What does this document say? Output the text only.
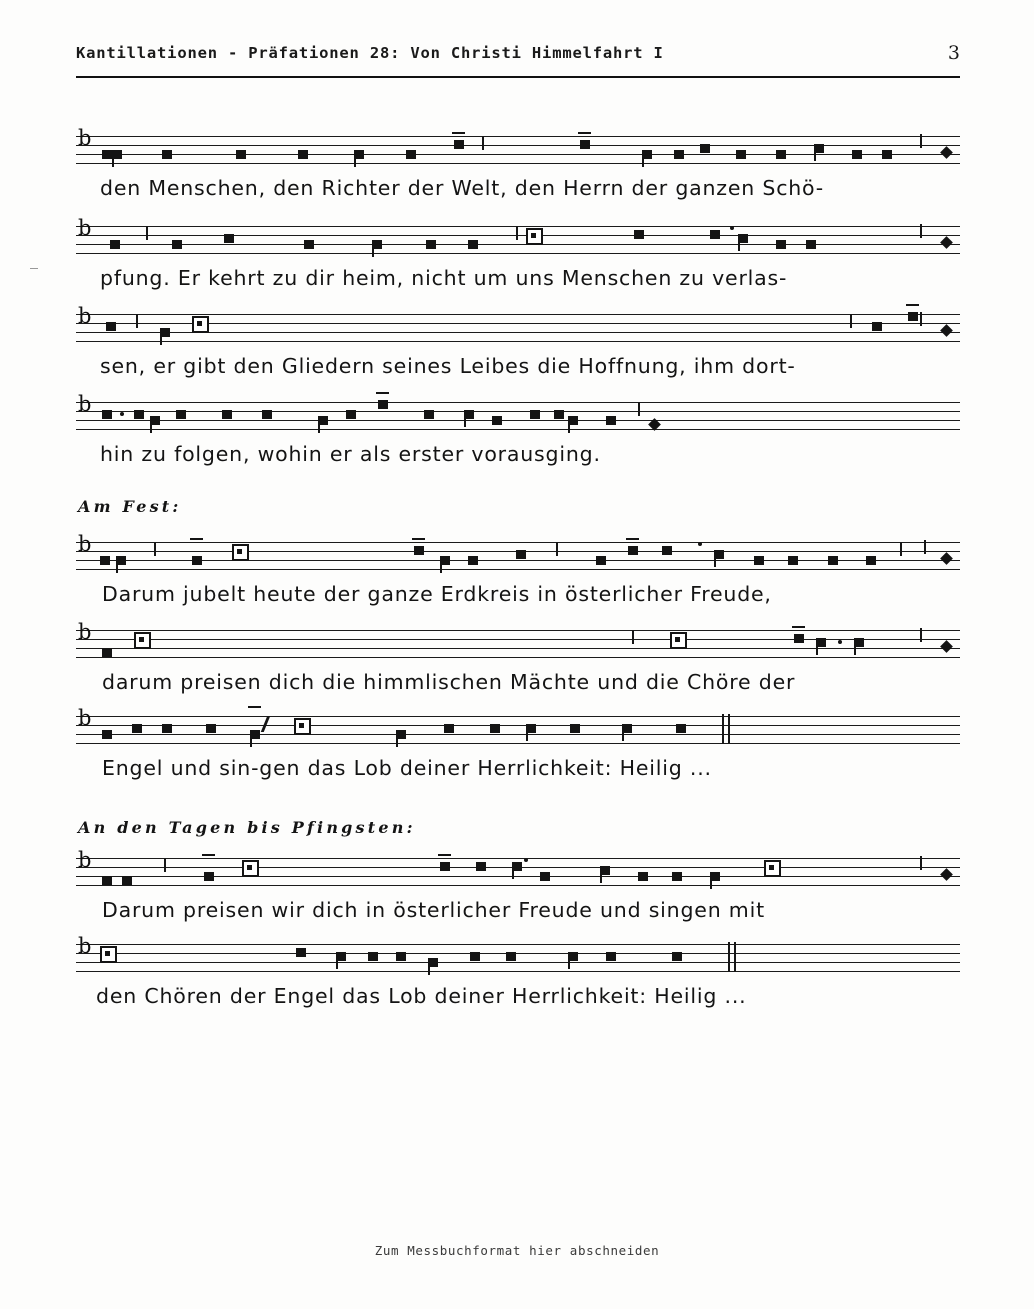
Kantillationen - Präfationen 28: Von Christi Himmelfahrt I	3
b
den Menschen, den Richter der Welt, den Herrn der ganzen Schö-
b
pfung. Er kehrt zu dir heim, nicht um uns Menschen zu verlas-
b
sen, er gibt den Gliedern seines Leibes die Hoffnung, ihm dort-
b
hin zu folgen, wohin er als erster vorausging.
Am Fest:
b
Darum jubelt heute der ganze Erdkreis in österlicher Freude,
b
darum preisen dich die himmlischen Mächte und die Chöre der
b
Engel und sin-gen das Lob deiner Herrlichkeit: Heilig ...
An den Tagen bis Pfingsten:
b
Darum preisen wir dich in österlicher Freude und singen mit
b
den Chören der Engel das Lob deiner Herrlichkeit: Heilig ...
Zum Messbuchformat hier abschneiden
